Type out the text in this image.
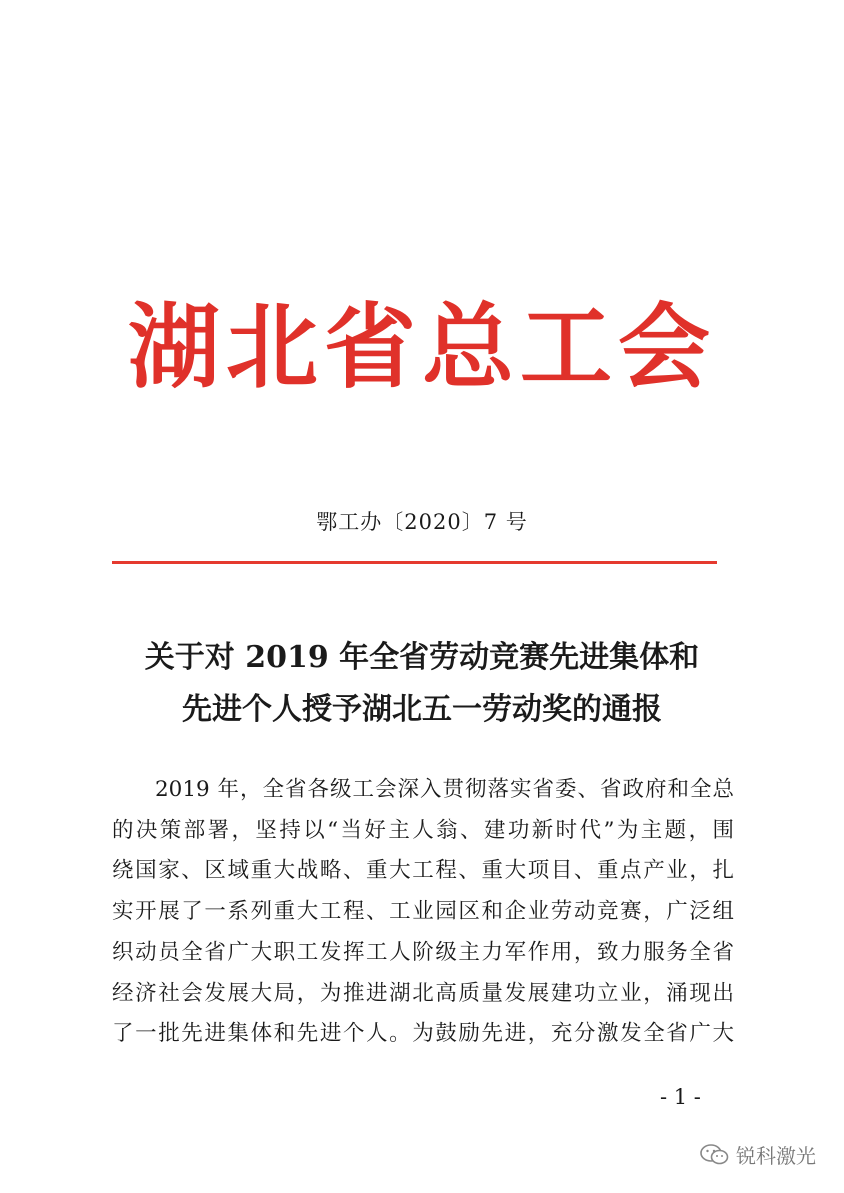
湖北省总工会
鄂工办〔2020〕7 号
关于对 2019 年全省劳动竞赛先进集体和
先进个人授予湖北五一劳动奖的通报
2019 年，全省各级工会深入贯彻落实省委、省政府和全总
的决策部署，坚持以“当好主人翁、建功新时代”为主题，围
绕国家、区域重大战略、重大工程、重大项目、重点产业，扎
实开展了一系列重大工程、工业园区和企业劳动竞赛，广泛组
织动员全省广大职工发挥工人阶级主力军作用，致力服务全省
经济社会发展大局，为推进湖北高质量发展建功立业，涌现出
了一批先进集体和先进个人。为鼓励先进，充分激发全省广大
- 1 -
锐科激光
